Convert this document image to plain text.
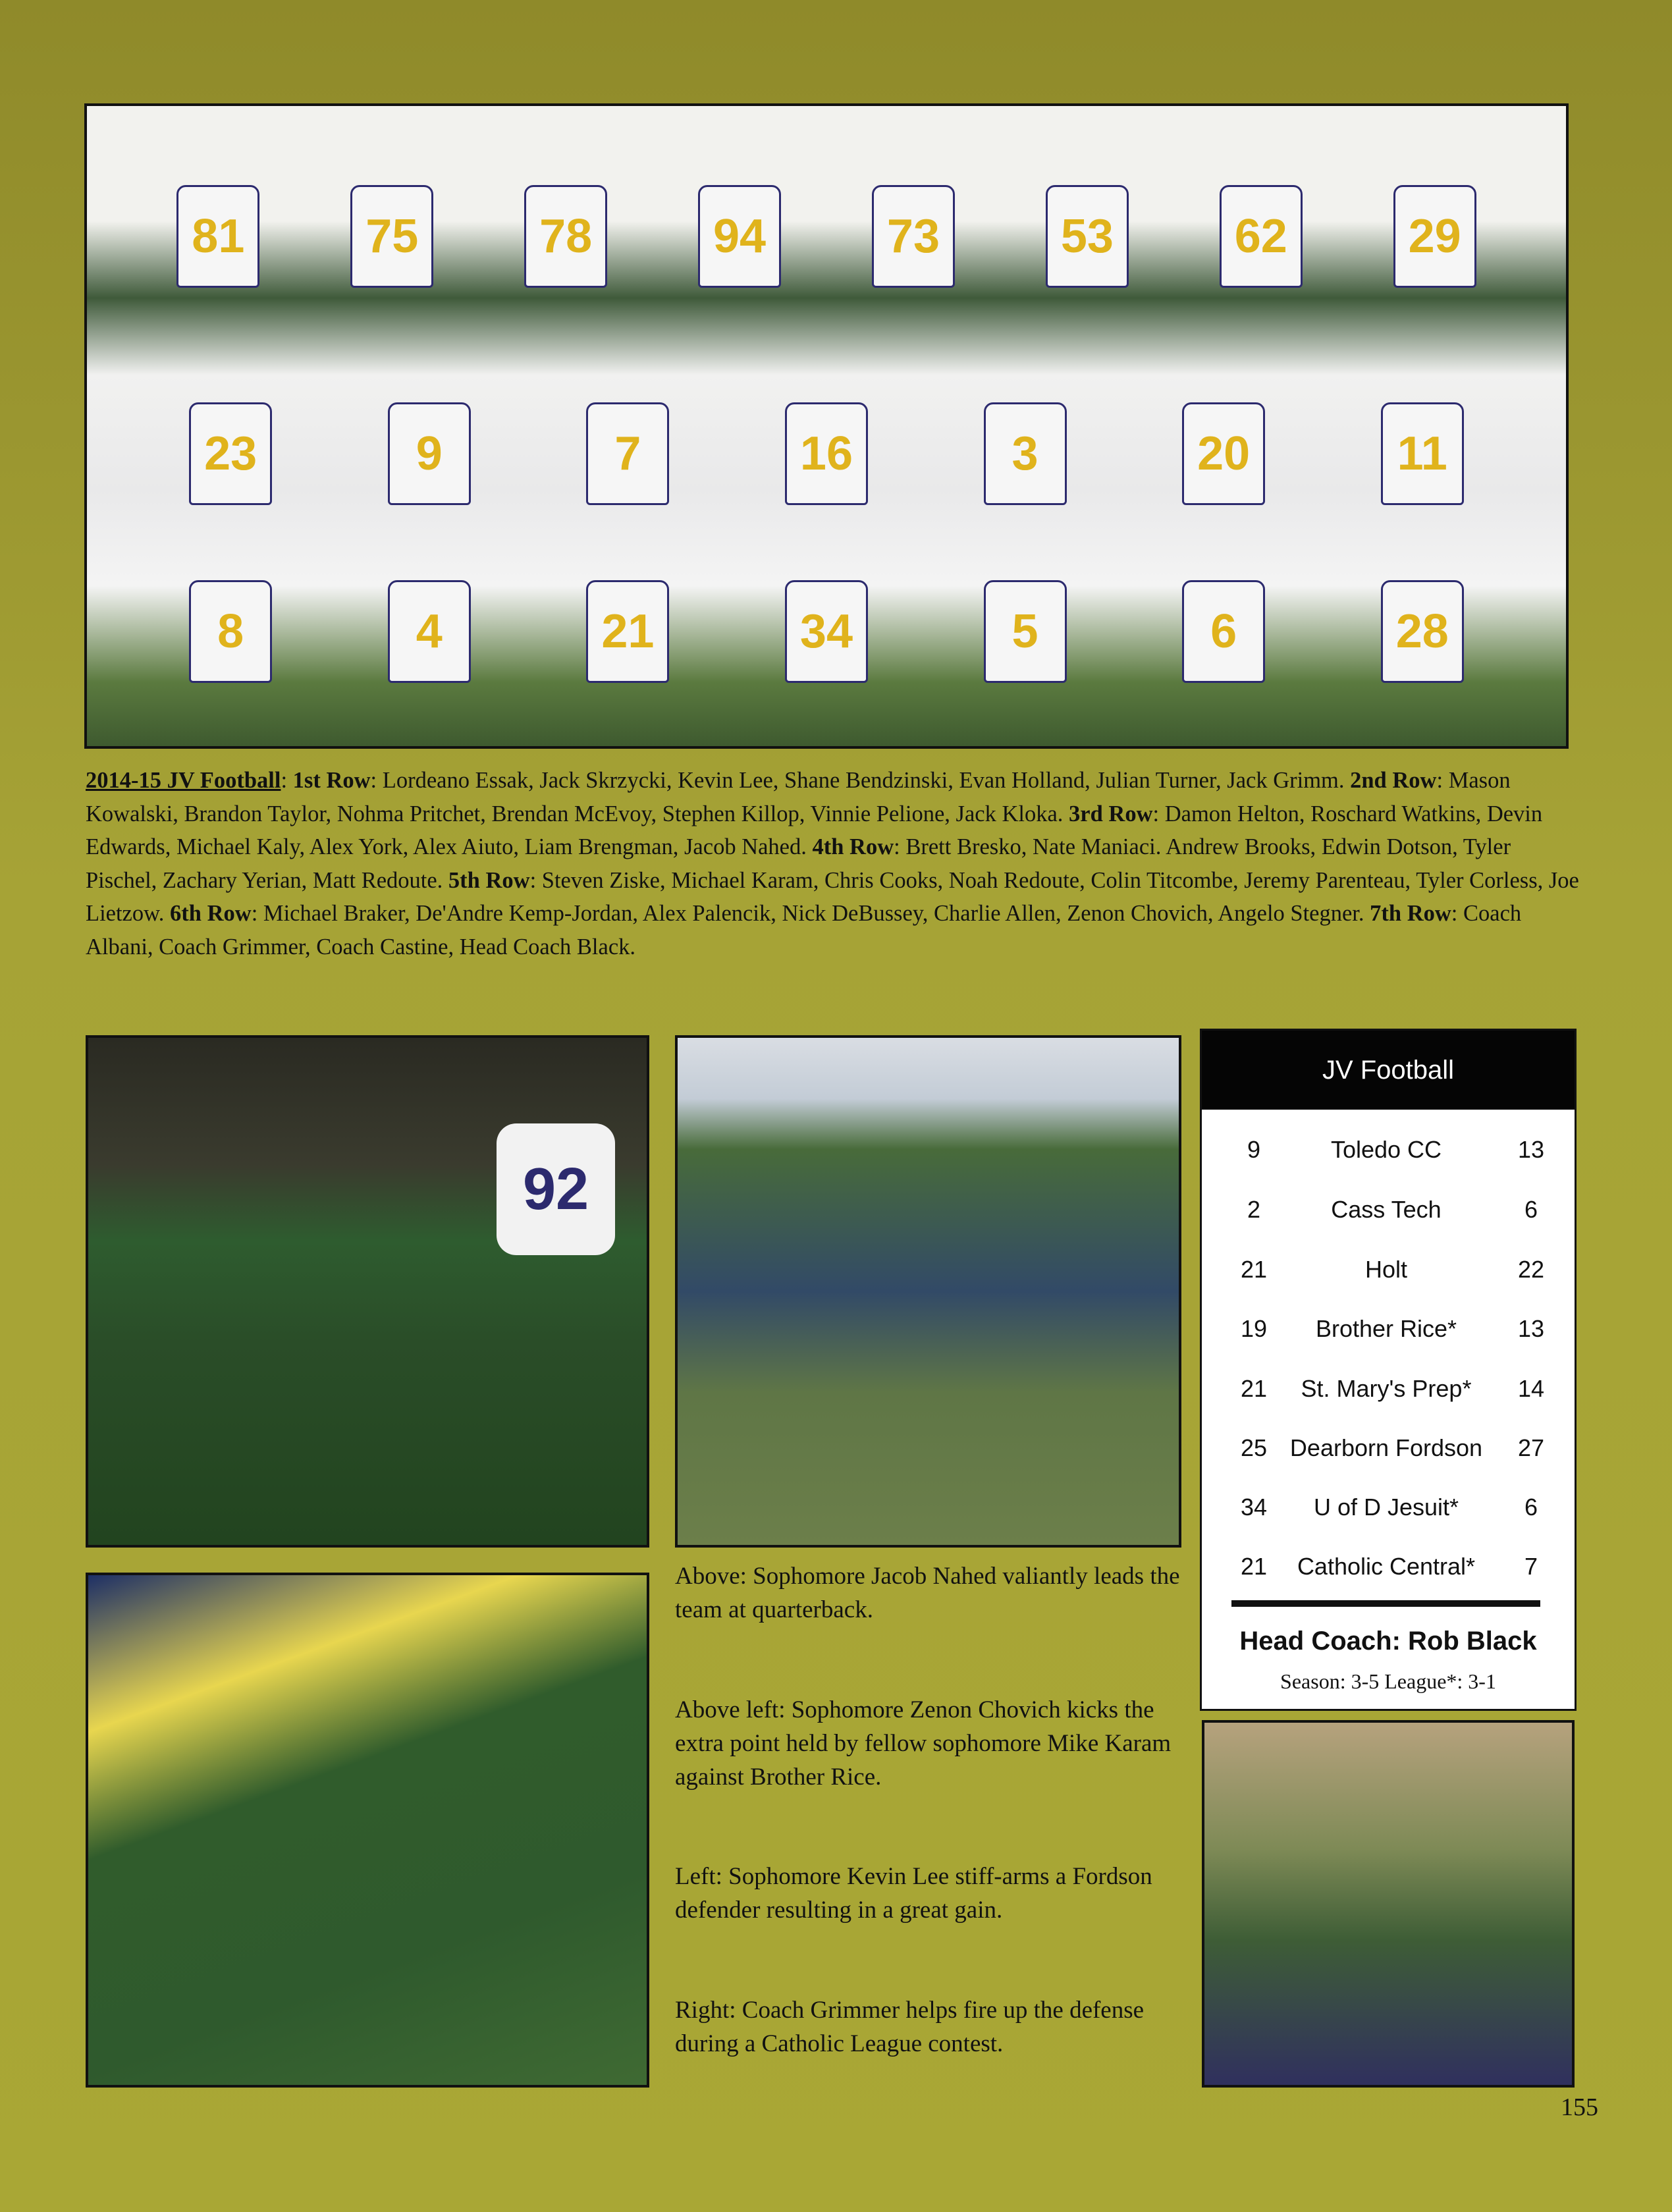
81	75	78	94	73	53	62	29
23	9	7	16	3	20	11
8	4	21	34	5	6	28
2014-15 JV Football: 1st Row: Lordeano Essak, Jack Skrzycki, Kevin Lee, Shane Bendzinski, Evan Holland, Julian Turner, Jack Grimm. 2nd Row: Mason Kowalski, Brandon Taylor, Nohma Pritchet, Brendan McEvoy, Stephen Killop, Vinnie Pelione, Jack Kloka. 3rd Row: Damon Helton, Roschard Watkins, Devin Edwards, Michael Kaly, Alex York, Alex Aiuto, Liam Brengman, Jacob Nahed. 4th Row: Brett Bresko, Nate Maniaci. Andrew Brooks, Edwin Dotson, Tyler Pischel, Zachary Yerian, Matt Redoute. 5th Row: Steven Ziske, Michael Karam, Chris Cooks, Noah Redoute, Colin Titcombe, Jeremy Parenteau, Tyler Corless, Joe Lietzow. 6th Row: Michael Braker, De'Andre Kemp-Jordan, Alex Palencik, Nick DeBussey, Charlie Allen, Zenon Chovich, Angelo Stegner. 7th Row: Coach Albani, Coach Grimmer, Coach Castine, Head Coach Black.
92
JV Football
9	Toledo CC	13
2	Cass Tech	6
21	Holt	22
19	Brother Rice*	13
21	St. Mary's Prep*	14
25 Dearborn Fordson	27
34	U of D Jesuit*	6
21	Catholic Central*	7
Head Coach: Rob Black
Season: 3-5 League*: 3-1
Above: Sophomore Jacob Nahed valiantly leads the team at quarterback.
Above left: Sophomore Zenon Chovich kicks the extra point held by fellow sophomore Mike Karam against Brother Rice.
Left: Sophomore Kevin Lee stiff-arms a Fordson defender resulting in a great gain.
Right: Coach Grimmer helps fire up the defense during a Catholic League contest.
155
